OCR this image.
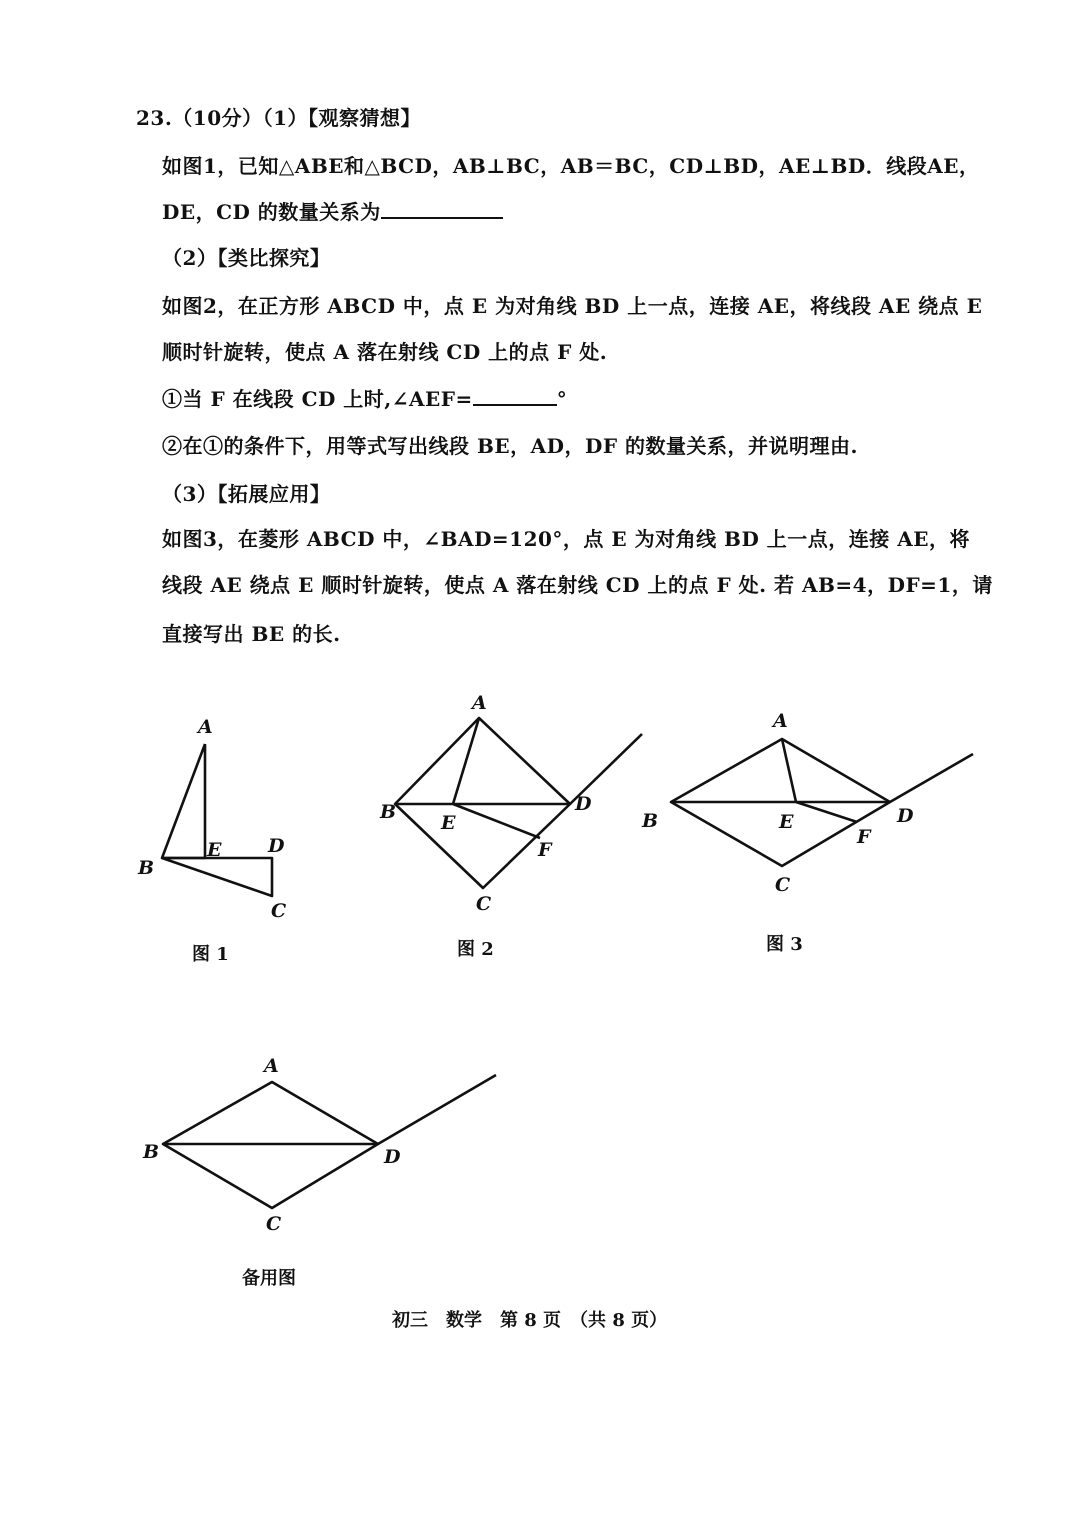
23.（10分）（1）【观察猜想】
如图1，已知△ABE和△BCD，AB⊥BC，AB＝BC，CD⊥BD，AE⊥BD．线段AE，
DE，CD 的数量关系为
（2）【类比探究】
如图2，在正方形 ABCD 中，点 E 为对角线 BD 上一点，连接 AE，将线段 AE 绕点 E
顺时针旋转，使点 A 落在射线 CD 上的点 F 处.
①当 F 在线段 CD 上时,∠AEF=	°
②在①的条件下，用等式写出线段 BE，AD，DF 的数量关系，并说明理由.
（3）【拓展应用】
如图3，在菱形 ABCD 中，∠BAD=120°，点 E 为对角线 BD 上一点，连接 AE，将
线段 AE 绕点 E 顺时针旋转，使点 A 落在射线 CD 上的点 F 处. 若 AB=4，DF=1，请
直接写出 BE 的长.
A
B
E D
C
图 1
A
B E
D
F
C
图 2
A
B	E	D
F
C
图 3
A
B	D
C
备用图
初三　数学　第 8 页　（共 8 页）
